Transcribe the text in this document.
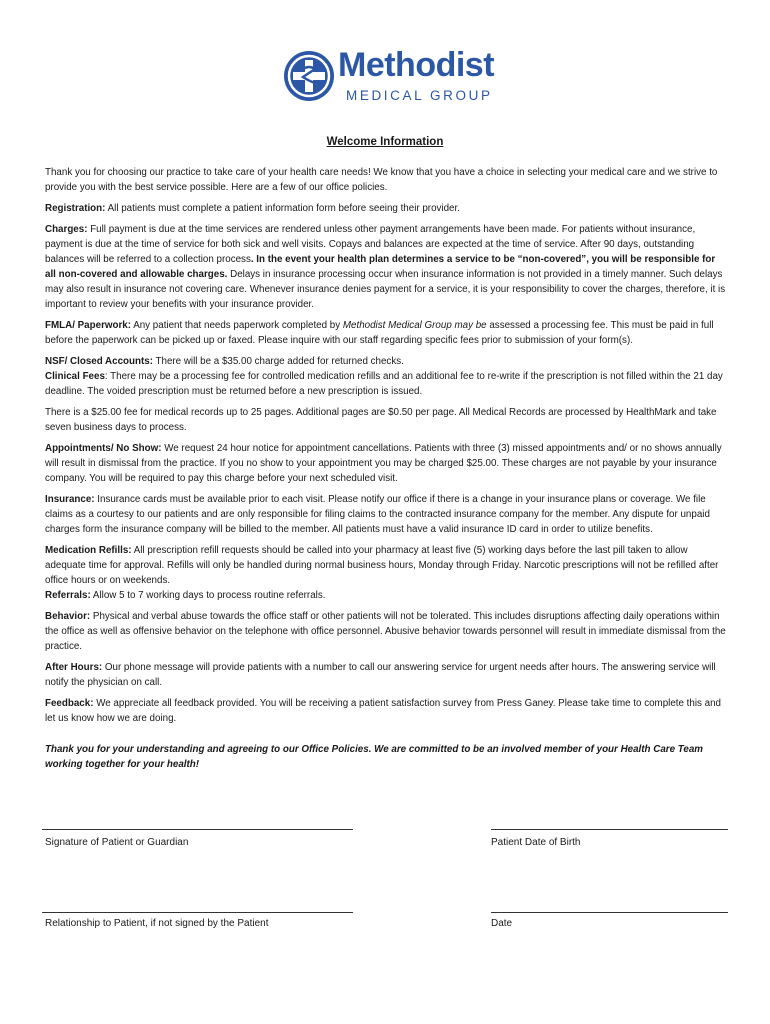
Methodist
MEDICAL GROUP
Welcome Information

Thank you for choosing our practice to take care of your health care needs! We know that you have a choice in selecting your medical care and we strive to provide you with the best service possible. Here are a few of our office policies.

Registration: All patients must complete a patient information form before seeing their provider.

Charges: Full payment is due at the time services are rendered unless other payment arrangements have been made. For patients without insurance, payment is due at the time of service for both sick and well visits. Copays and balances are expected at the time of service. After 90 days, outstanding balances will be referred to a collection process. In the event your health plan determines a service to be “non-covered”, you will be responsible for all non-covered and allowable charges. Delays in insurance processing occur when insurance information is not provided in a timely manner. Such delays may also result in insurance not covering care. Whenever insurance denies payment for a service, it is your responsibility to cover the charges, therefore, it is important to review your benefits with your insurance provider.

FMLA/ Paperwork: Any patient that needs paperwork completed by Methodist Medical Group may be assessed a processing fee. This must be paid in full before the paperwork can be picked up or faxed. Please inquire with our staff regarding specific fees prior to submission of your form(s).

NSF/ Closed Accounts: There will be a $35.00 charge added for returned checks.

Clinical Fees: There may be a processing fee for controlled medication refills and an additional fee to re-write if the prescription is not filled within the 21 day deadline. The voided prescription must be returned before a new prescription is issued.

There is a $25.00 fee for medical records up to 25 pages. Additional pages are $0.50 per page. All Medical Records are processed by HealthMark and take seven business days to process.

Appointments/ No Show: We request 24 hour notice for appointment cancellations. Patients with three (3) missed appointments and/ or no shows annually will result in dismissal from the practice. If you no show to your appointment you may be charged $25.00. These charges are not payable by your insurance company. You will be required to pay this charge before your next scheduled visit.

Insurance: Insurance cards must be available prior to each visit. Please notify our office if there is a change in your insurance plans or coverage. We file claims as a courtesy to our patients and are only responsible for filing claims to the contracted insurance company for the member. Any dispute for unpaid charges form the insurance company will be billed to the member. All patients must have a valid insurance ID card in order to utilize benefits.

Medication Refills: All prescription refill requests should be called into your pharmacy at least five (5) working days before the last pill taken to allow adequate time for approval. Refills will only be handled during normal business hours, Monday through Friday. Narcotic prescriptions will not be refilled after office hours or on weekends.

Referrals: Allow 5 to 7 working days to process routine referrals.

Behavior: Physical and verbal abuse towards the office staff or other patients will not be tolerated. This includes disruptions affecting daily operations within the office as well as offensive behavior on the telephone with office personnel. Abusive behavior towards personnel will result in immediate dismissal from the practice.

After Hours: Our phone message will provide patients with a number to call our answering service for urgent needs after hours. The answering service will notify the physician on call.

Feedback: We appreciate all feedback provided. You will be receiving a patient satisfaction survey from Press Ganey. Please take time to complete this and let us know how we are doing.

Thank you for your understanding and agreeing to our Office Policies. We are committed to be an involved member of your Health Care Team working together for your health!

Signature of Patient or Guardian	Patient Date of Birth
Relationship to Patient, if not signed by the Patient	Date
